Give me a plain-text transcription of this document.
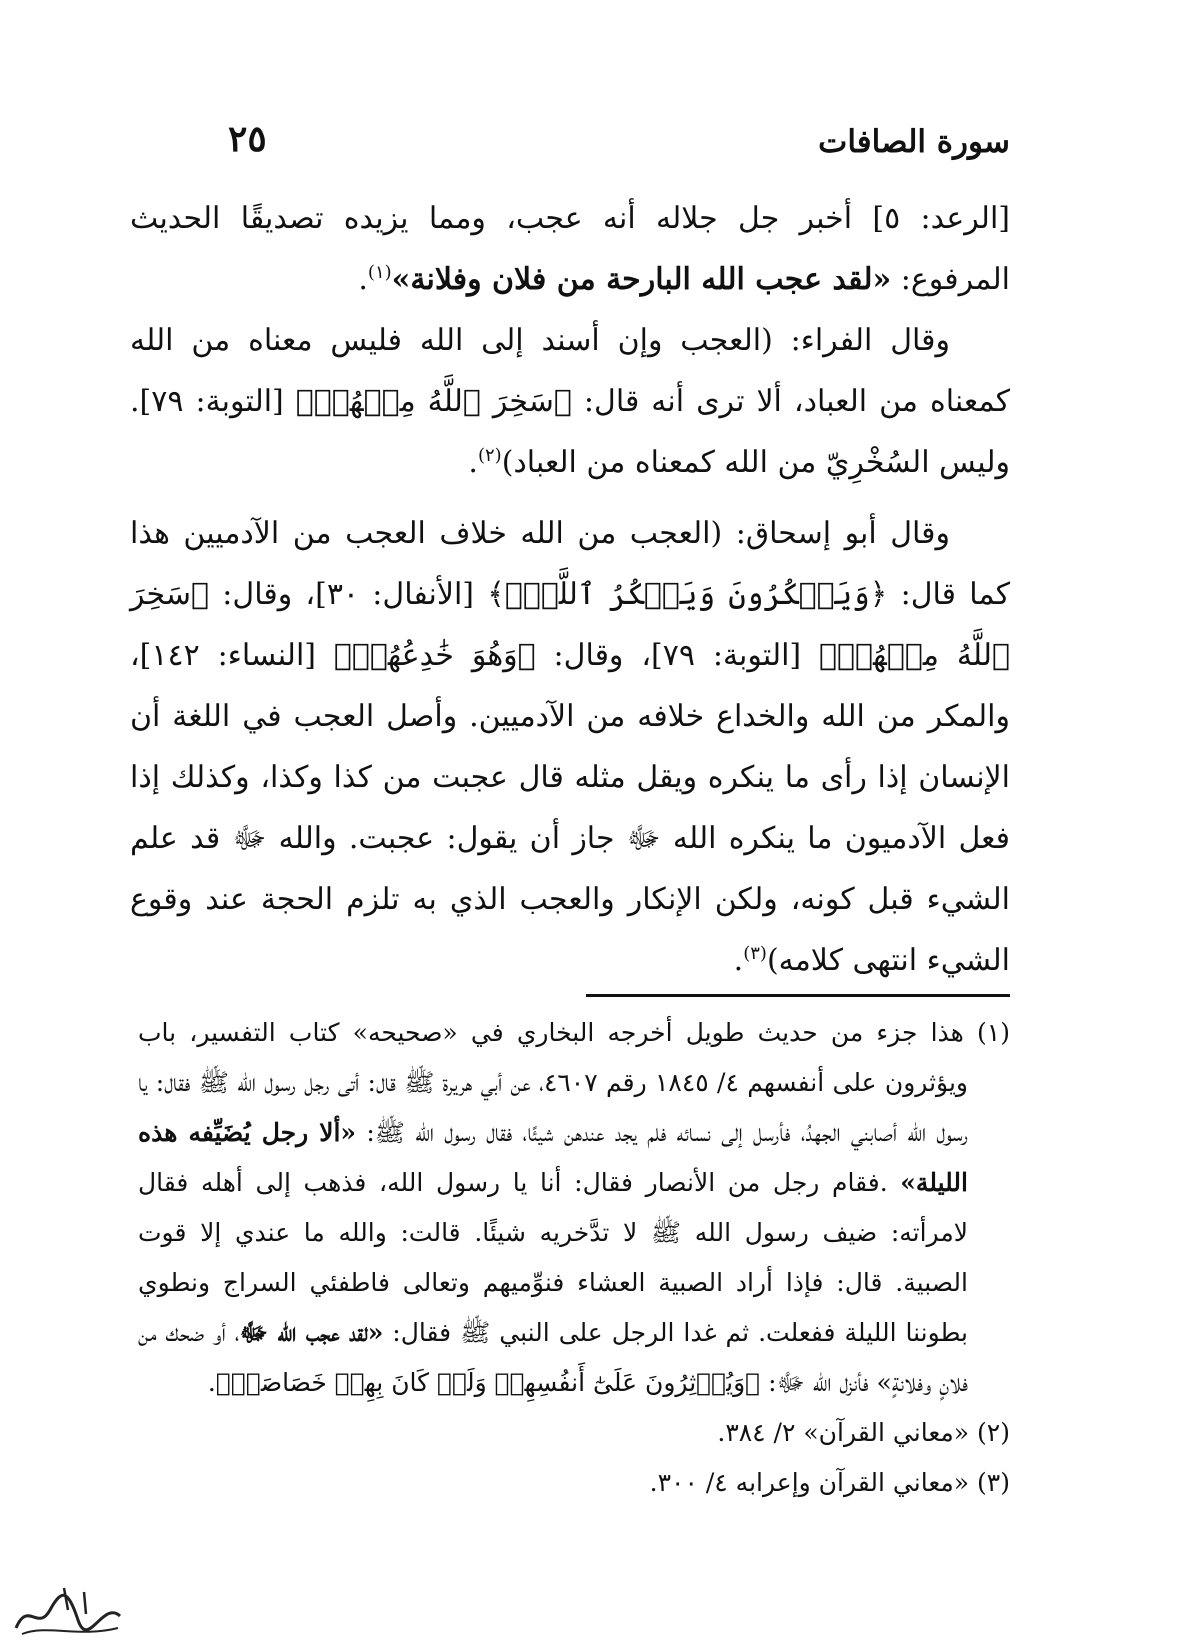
سورة الصافات
٢٥

[الرعد: ٥] أخبر جل جلاله أنه عجب، ومما يزيده تصديقًا الحديث المرفوع: «لقد عجب الله البارحة من فلان وفلانة»$^{(١)}$.

وقال الفراء: (العجب وإن أسند إلى الله فليس معناه من الله كمعناه من العباد، ألا ترى أنه قال: ﴿سَخِرَ ٱللَّهُ مِنۡهُمۡ﴾ [التوبة: ٧٩]. وليس السُخْرِيّ من الله كمعناه من العباد)$^{(٢)}$.

وقال أبو إسحاق: (العجب من الله خلاف العجب من الآدميين هذا كما قال: ﴿وَيَمۡكُرُونَ وَيَمۡكُرُ ٱللَّهُۖ﴾ [الأنفال: ٣٠]، وقال: ﴿سَخِرَ ٱللَّهُ مِنۡهُمۡ﴾ [التوبة: ٧٩]، وقال: ﴿وَهُوَ خَٰدِعُهُمۡ﴾ [النساء: ١٤٢]، والمكر من الله والخداع خلافه من الآدميين. وأصل العجب في اللغة أن الإنسان إذا رأى ما ينكره ويقل مثله قال عجبت من كذا وكذا، وكذلك إذا فعل الآدميون ما ينكره الله ﷻ جاز أن يقول: عجبت. والله ﷻ قد علم الشيء قبل كونه، ولكن الإنكار والعجب الذي به تلزم الحجة عند وقوع الشيء انتهى كلامه)$^{(٣)}$.

(١) هذا جزء من حديث طويل أخرجه البخاري في «صحيحه» كتاب التفسير، باب ويؤثرون على أنفسهم ٤/ ١٨٤٥ رقم ٤٦٠٧، عن أبي هريرة ﷺ قال: أتى رجل رسول الله ﷺ فقال: يا رسول الله أصابني الجهدُ، فأرسل إلى نسائه فلم يجد عندهن شيئًا، فقال رسول الله ﷺ: «ألا رجل يُضَيِّفه هذه الليلة» .فقام رجل من الأنصار فقال: أنا يا رسول الله، فذهب إلى أهله فقال لامرأته: ضيف رسول الله ﷺ لا تدَّخريه شيئًا. قالت: والله ما عندي إلا قوت الصبية. قال: فإذا أراد الصبية العشاء فنوِّميهم وتعالى فاطفئي السراج ونطوي بطوننا الليلة ففعلت. ثم غدا الرجل على النبي ﷺ فقال: «لقد عجب الله ﷻ، أو ضحك من فلانٍ وفلانةٍ» فأنزل الله ﷻ: ﴿وَيُؤۡثِرُونَ عَلَىٰٓ أَنفُسِهِمۡ وَلَوۡ كَانَ بِهِمۡ خَصَاصَةٞ﴾.

(٢) «معاني القرآن» ٢/ ٣٨٤.

(٣) «معاني القرآن وإعرابه ٤/ ٣٠٠.
